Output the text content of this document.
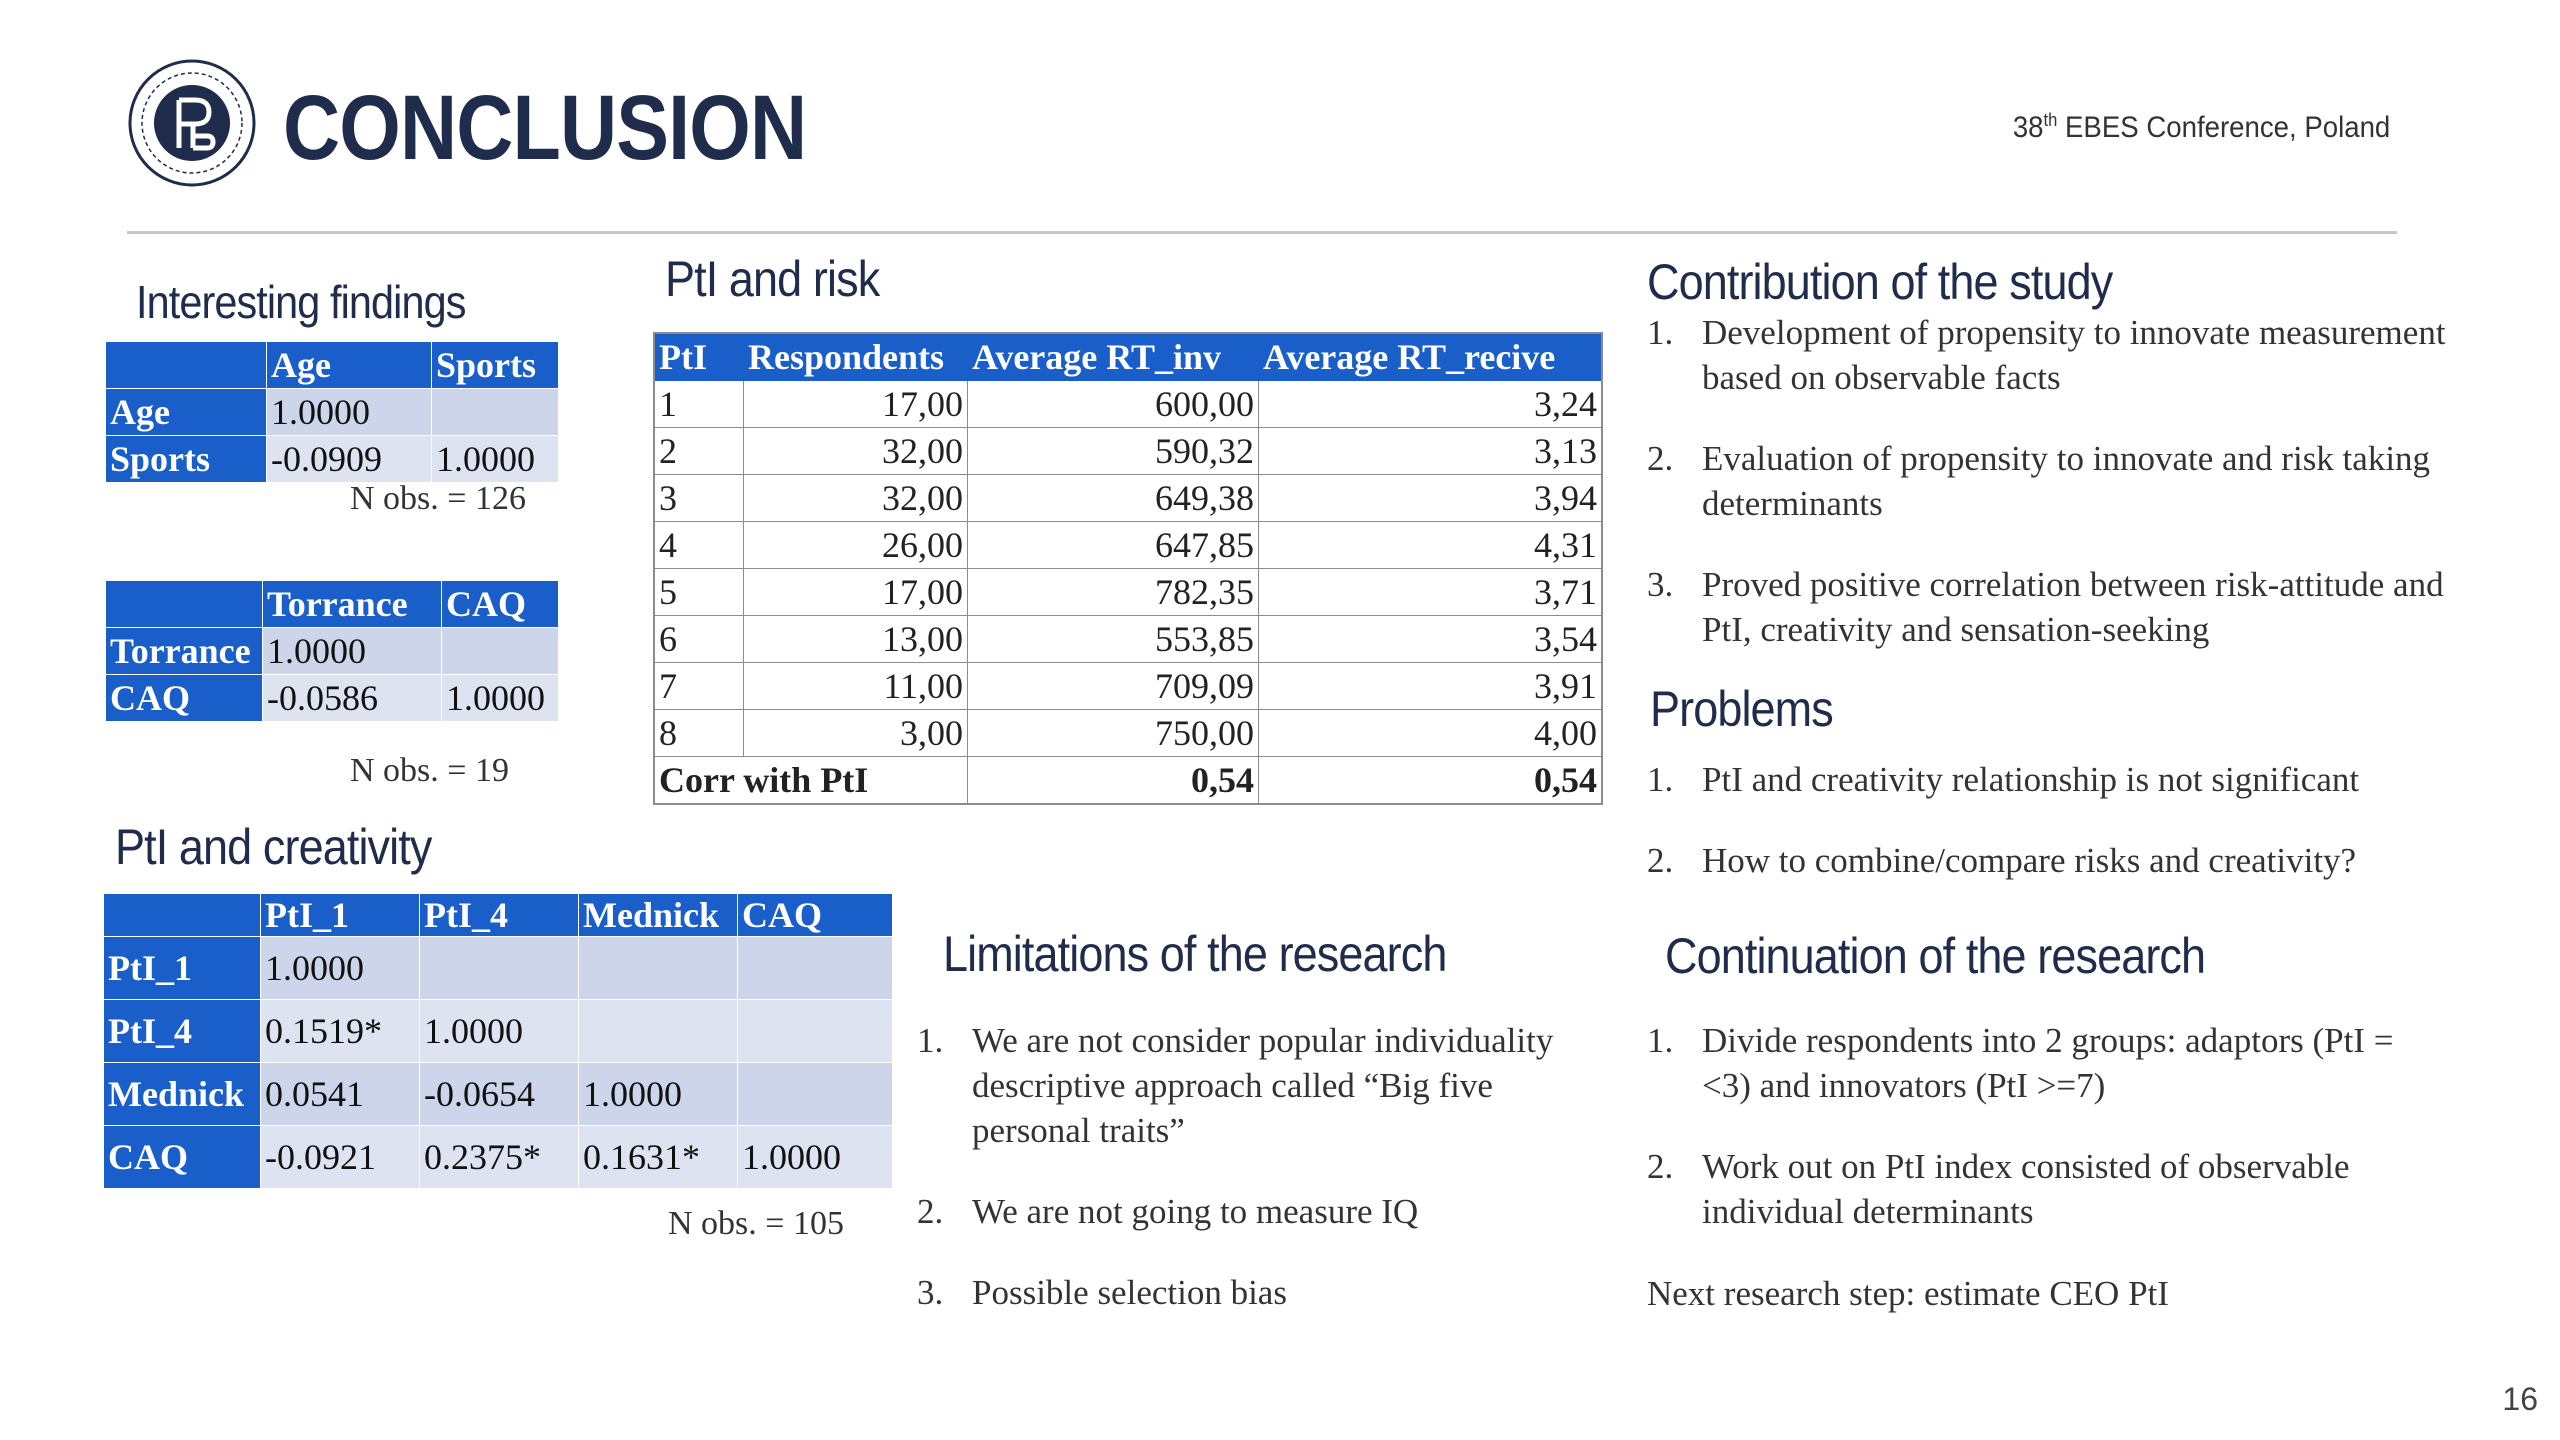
CONCLUSION	38th EBES Conference, Poland
Interesting findings
	Age	Sports
Age	1.0000	
Sports	-0.0909	1.0000
N obs. = 126
	Torrance	CAQ
Torrance	1.0000	
CAQ	-0.0586	1.0000
N obs. = 19
PtI and creativity
	PtI_1	PtI_4	Mednick	CAQ
PtI_1	1.0000			
PtI_4	0.1519*	1.0000		
Mednick	0.0541	-0.0654	1.0000	
CAQ	-0.0921	0.2375*	0.1631*	1.0000
N obs. = 105
PtI and risk
PtI	Respondents	Average RT_inv	Average RT_recive
1	17,00	600,00	3,24
2	32,00	590,32	3,13
3	32,00	649,38	3,94
4	26,00	647,85	4,31
5	17,00	782,35	3,71
6	13,00	553,85	3,54
7	11,00	709,09	3,91
8	3,00	750,00	4,00
Corr with PtI		0,54	0,54
Limitations of the research
1. We are not consider popular individuality descriptive approach called “Big five personal traits”
2. We are not going to measure IQ
3. Possible selection bias
Contribution of the study
1. Development of propensity to innovate measurement based on observable facts
2. Evaluation of propensity to innovate and risk taking determinants
3. Proved positive correlation between risk-attitude and PtI, creativity and sensation-seeking
Problems
1. PtI and creativity relationship is not significant
2. How to combine/compare risks and creativity?
Continuation of the research
1. Divide respondents into 2 groups: adaptors (PtI =<3) and innovators (PtI >=7)
2. Work out on PtI index consisted of observable individual determinants
Next research step: estimate CEO PtI
16
